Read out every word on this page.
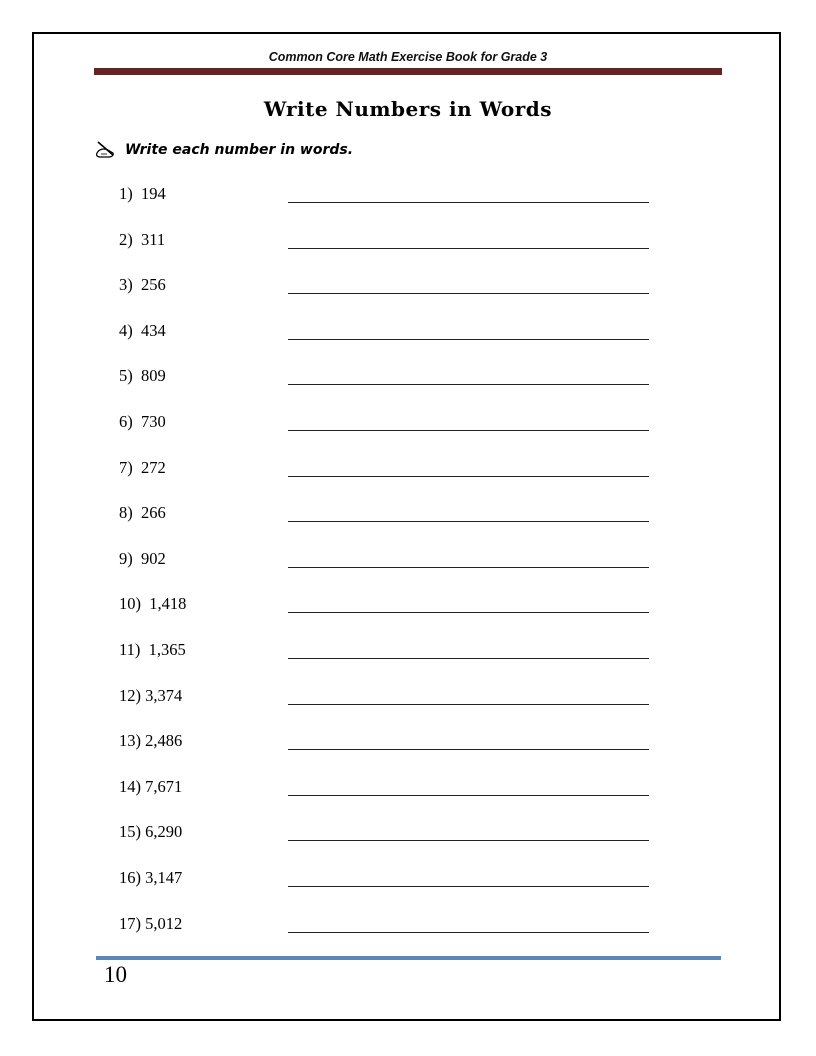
Common Core Math Exercise Book for Grade 3
Write Numbers in Words
Write each number in words.
1)  194
2)  311
3)  256
4)  434
5)  809
6)  730
7)  272
8)  266
9)  902
10)  1,418
11)  1,365
12) 3,374
13) 2,486
14) 7,671
15) 6,290
16) 3,147
17) 5,012
10
